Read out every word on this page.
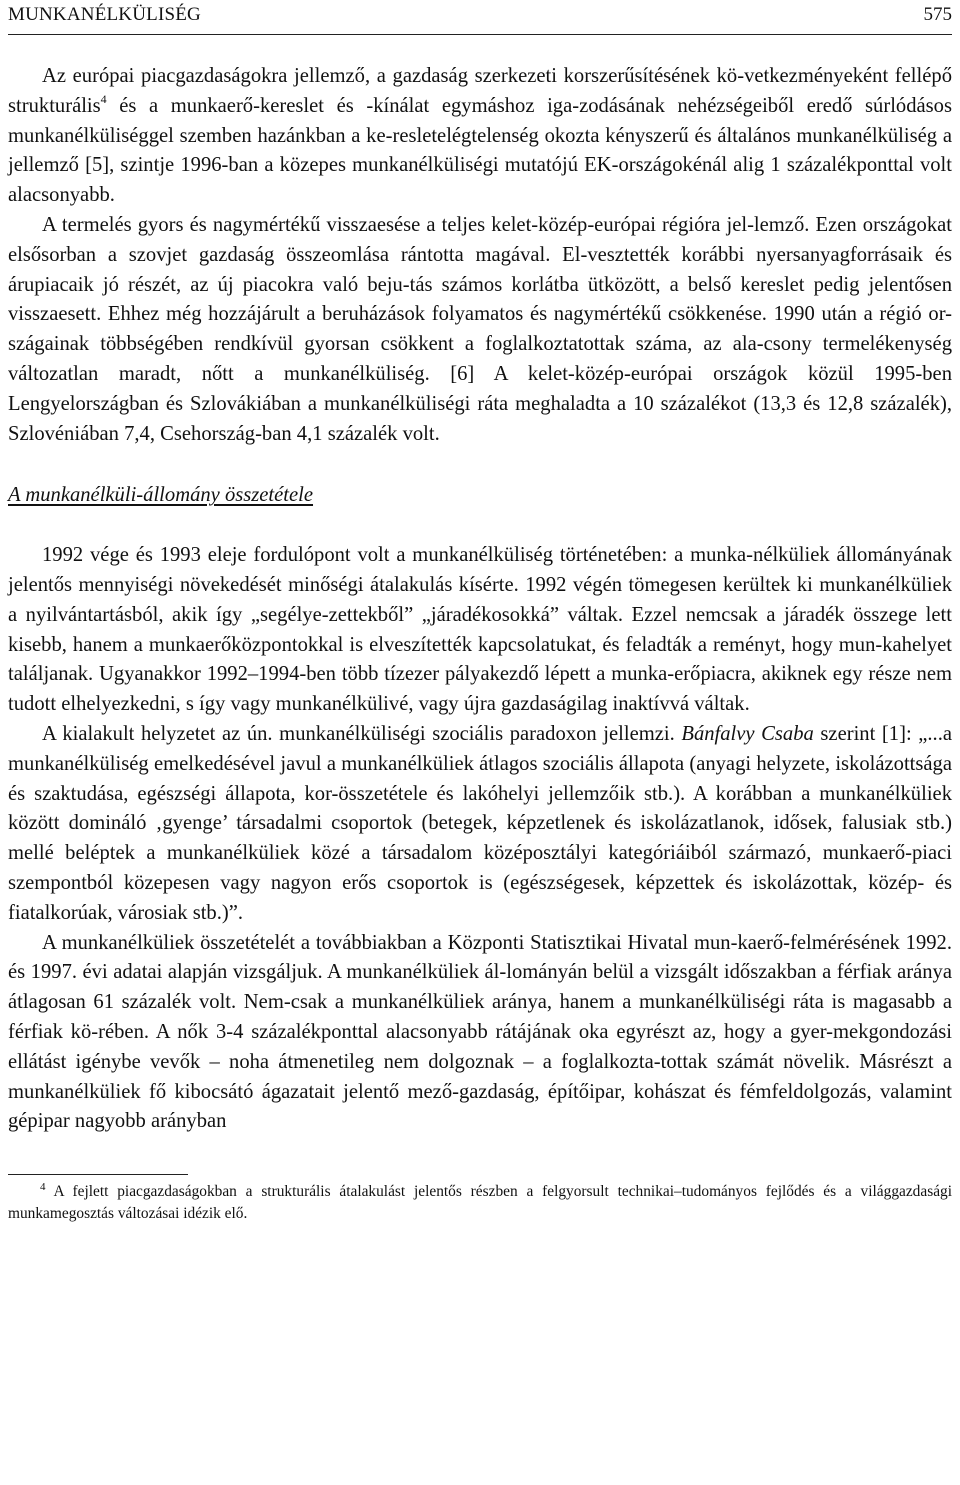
MUNKANÉLKÜLISÉG	575

Az európai piacgazdaságokra jellemző, a gazdaság szerkezeti korszerűsítésének kö-vetkezményeként fellépő strukturális$^4$ és a munkaerő-kereslet és -kínálat egymáshoz iga-zodásának nehézségeiből eredő súrlódásos munkanélküliséggel szemben hazánkban a ke-resletelégtelenség okozta kényszerű és általános munkanélküliség a jellemző [5], szintje 1996-ban a közepes munkanélküliségi mutatójú EK-országokénál alig 1 százalékponttal volt alacsonyabb.

A termelés gyors és nagymértékű visszaesése a teljes kelet-közép-európai régióra jel-lemző. Ezen országokat elsősorban a szovjet gazdaság összeomlása rántotta magával. El-vesztették korábbi nyersanyagforrásaik és árupiacaik jó részét, az új piacokra való beju-tás számos korlátba ütközött, a belső kereslet pedig jelentősen visszaesett. Ehhez még hozzájárult a beruházások folyamatos és nagymértékű csökkenése. 1990 után a régió or-szágainak többségében rendkívül gyorsan csökkent a foglalkoztatottak száma, az ala-csony termelékenység változatlan maradt, nőtt a munkanélküliség. [6] A kelet-közép-európai országok közül 1995-ben Lengyelországban és Szlovákiában a munkanélküliségi ráta meghaladta a 10 százalékot (13,3 és 12,8 százalék), Szlovéniában 7,4, Csehország-ban 4,1 százalék volt.

A munkanélküli-állomány összetétele

1992 vége és 1993 eleje fordulópont volt a munkanélküliség történetében: a munka-nélküliek állományának jelentős mennyiségi növekedését minőségi átalakulás kísérte. 1992 végén tömegesen kerültek ki munkanélküliek a nyilvántartásból, akik így „segélye-zettekből” „járadékosokká” váltak. Ezzel nemcsak a járadék összege lett kisebb, hanem a munkaerőközpontokkal is elveszítették kapcsolatukat, és feladták a reményt, hogy mun-kahelyet találjanak. Ugyanakkor 1992–1994-ben több tízezer pályakezdő lépett a munka-erőpiacra, akiknek egy része nem tudott elhelyezkedni, s így vagy munkanélkülivé, vagy újra gazdaságilag inaktívvá váltak.

A kialakult helyzetet az ún. munkanélküliségi szociális paradoxon jellemzi. Bánfalvy Csaba szerint [1]: „...a munkanélküliség emelkedésével javul a munkanélküliek átlagos szociális állapota (anyagi helyzete, iskolázottsága és szaktudása, egészségi állapota, kor-összetétele és lakóhelyi jellemzőik stb.). A korábban a munkanélküliek között domináló ‚gyenge’ társadalmi csoportok (betegek, képzetlenek és iskolázatlanok, idősek, falusiak stb.) mellé beléptek a munkanélküliek közé a társadalom középosztályi kategóriáiból származó, munkaerő-piaci szempontból közepesen vagy nagyon erős csoportok is (egészségesek, képzettek és iskolázottak, közép- és fiatalkorúak, városiak stb.)”.

A munkanélküliek összetételét a továbbiakban a Központi Statisztikai Hivatal mun-kaerő-felmérésének 1992. és 1997. évi adatai alapján vizsgáljuk. A munkanélküliek ál-lományán belül a vizsgált időszakban a férfiak aránya átlagosan 61 százalék volt. Nem-csak a munkanélküliek aránya, hanem a munkanélküliségi ráta is magasabb a férfiak kö-rében. A nők 3-4 százalékponttal alacsonyabb rátájának oka egyrészt az, hogy a gyer-mekgondozási ellátást igénybe vevők – noha átmenetileg nem dolgoznak – a foglalkozta-tottak számát növelik. Másrészt a munkanélküliek fő kibocsátó ágazatait jelentő mező-gazdaság, építőipar, kohászat és fémfeldolgozás, valamint gépipar nagyobb arányban

$^4$ A fejlett piacgazdaságokban a strukturális átalakulást jelentős részben a felgyorsult technikai–tudományos fejlődés és a világgazdasági munkamegosztás változásai idézik elő.
